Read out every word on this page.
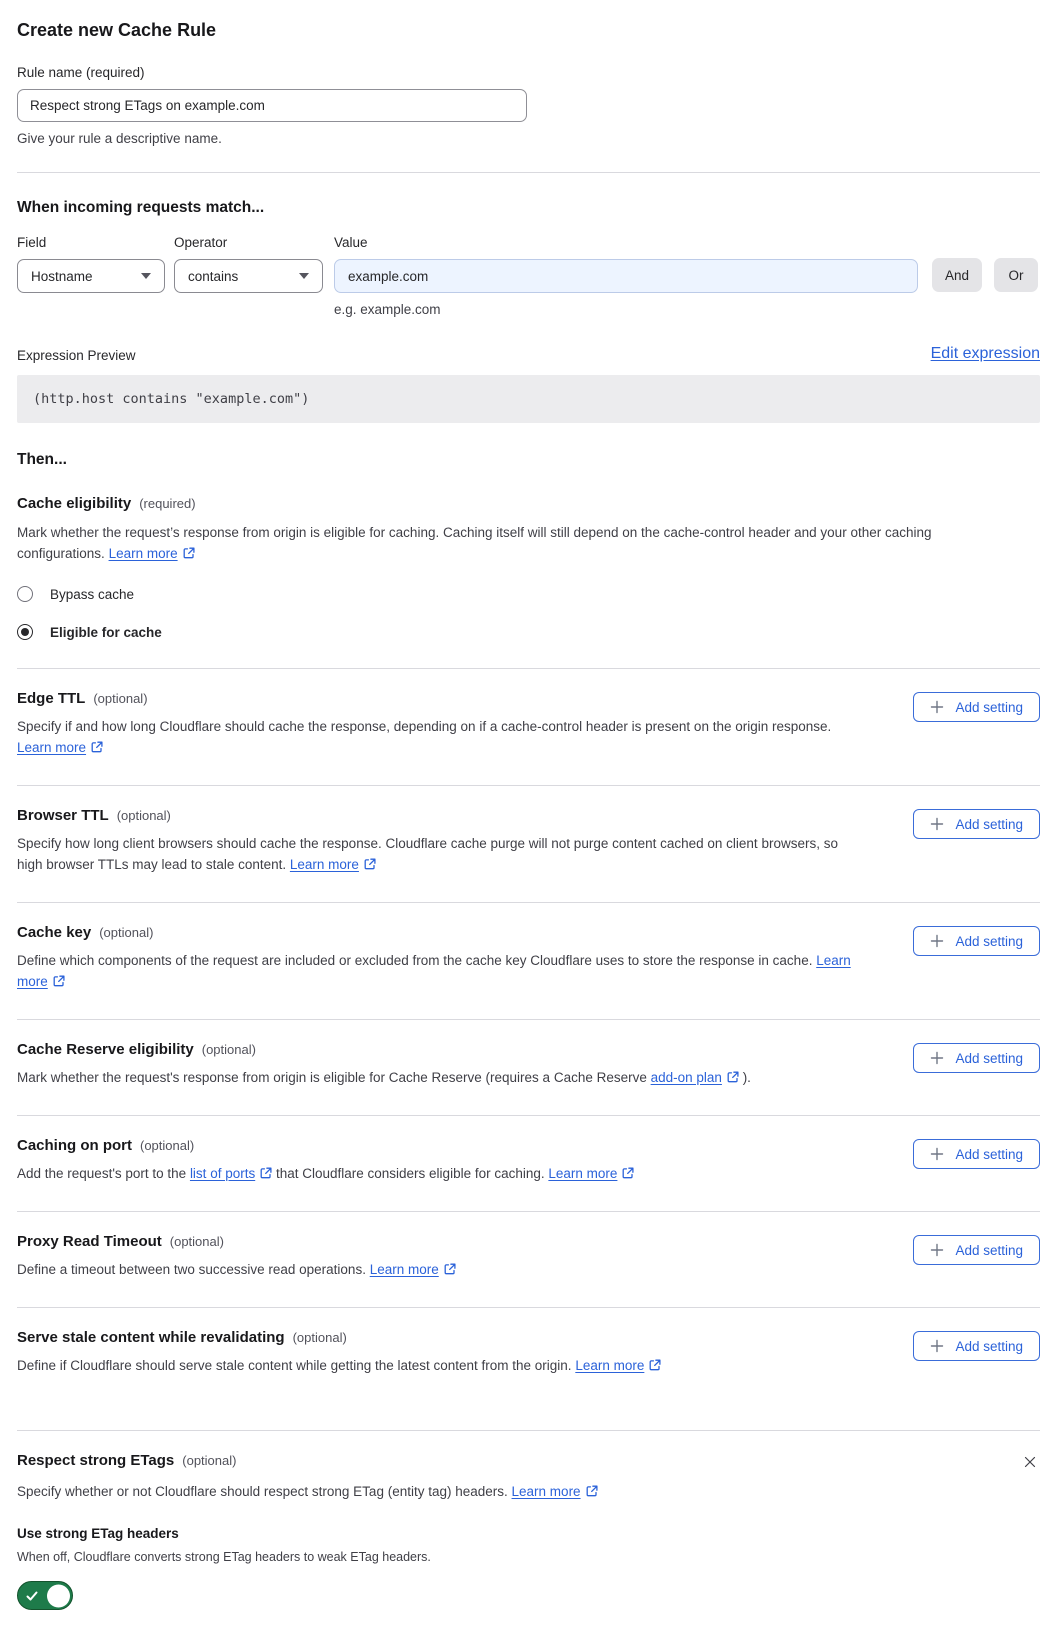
Create new Cache Rule
Rule name (required)
Respect strong ETags on example.com
Give your rule a descriptive name.
When incoming requests match...
Field
Hostname
Operator
contains
Value
example.com
e.g. example.com
And	Or
Expression Preview	Edit expression
(http.host contains "example.com")
Then...
Cache eligibility (required)
Mark whether the request’s response from origin is eligible for caching. Caching itself will still depend on the cache-control header and your other caching configurations. Learn more
Bypass cache
Eligible for cache
Edge TTL (optional)
Specify if and how long Cloudflare should cache the response, depending on if a cache-control header is present on the origin response. Learn more
Add setting
Browser TTL (optional)
Specify how long client browsers should cache the response. Cloudflare cache purge will not purge content cached on client browsers, so high browser TTLs may lead to stale content. Learn more
Add setting
Cache key (optional)
Define which components of the request are included or excluded from the cache key Cloudflare uses to store the response in cache. Learn more
Add setting
Cache Reserve eligibility (optional)
Mark whether the request's response from origin is eligible for Cache Reserve (requires a Cache Reserve add-on plan ).
Add setting
Caching on port (optional)
Add the request's port to the list of ports that Cloudflare considers eligible for caching. Learn more
Add setting
Proxy Read Timeout (optional)
Define a timeout between two successive read operations. Learn more
Add setting
Serve stale content while revalidating (optional)
Define if Cloudflare should serve stale content while getting the latest content from the origin. Learn more
Add setting
Respect strong ETags (optional)
Specify whether or not Cloudflare should respect strong ETag (entity tag) headers. Learn more
Use strong ETag headers
When off, Cloudflare converts strong ETag headers to weak ETag headers.
